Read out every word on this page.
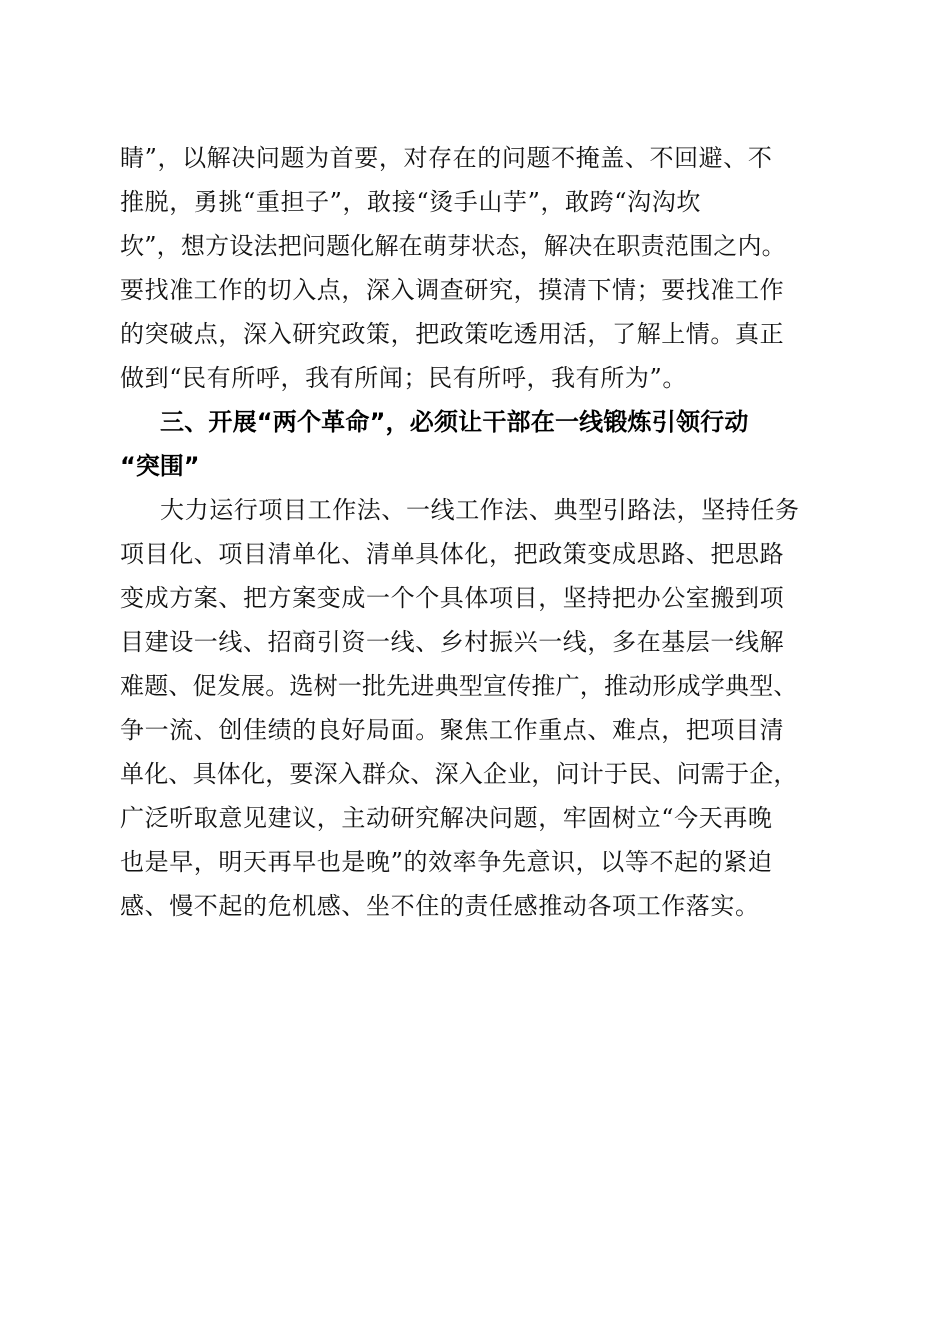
睛”，以解决问题为首要，对存在的问题不掩盖、不回避、不
推脱，勇挑“重担子”，敢接“烫手山芋”，敢跨“沟沟坎
坎”，想方设法把问题化解在萌芽状态，解决在职责范围之内。
要找准工作的切入点，深入调查研究，摸清下情；要找准工作
的突破点，深入研究政策，把政策吃透用活，了解上情。真正
做到“民有所呼，我有所闻；民有所呼，我有所为”。
三、开展“两个革命”，必须让干部在一线锻炼引领行动
“突围”
大力运行项目工作法、一线工作法、典型引路法，坚持任务
项目化、项目清单化、清单具体化，把政策变成思路、把思路
变成方案、把方案变成一个个具体项目，坚持把办公室搬到项
目建设一线、招商引资一线、乡村振兴一线，多在基层一线解
难题、促发展。选树一批先进典型宣传推广，推动形成学典型、
争一流、创佳绩的良好局面。聚焦工作重点、难点，把项目清
单化、具体化，要深入群众、深入企业，问计于民、问需于企，
广泛听取意见建议，主动研究解决问题，牢固树立“今天再晚
也是早，明天再早也是晚”的效率争先意识，以等不起的紧迫
感、慢不起的危机感、坐不住的责任感推动各项工作落实。
